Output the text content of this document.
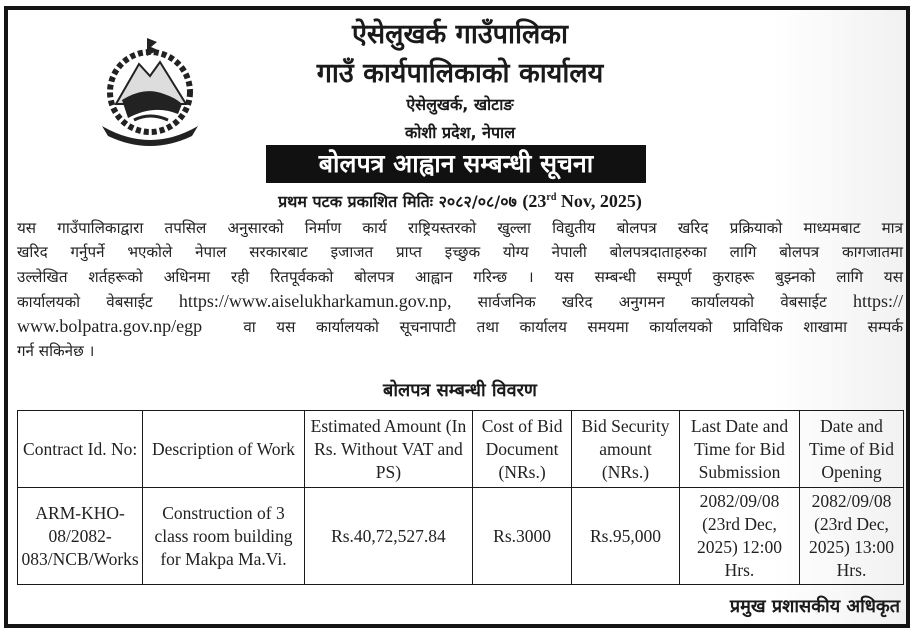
ऐसेलुखर्क गाउँपालिका
गाउँ कार्यपालिकाको कार्यालय
ऐसेलुखर्क, खोटाङ
कोशी प्रदेश, नेपाल
बोलपत्र आह्वान सम्बन्धी सूचना
प्रथम पटक प्रकाशित मितिः २०८२/०८/०७ (23rd Nov, 2025)
यस गाउँपालिकाद्वारा तपसिल अनुसारको निर्माण कार्य राष्ट्रियस्तरको खुल्ला विद्युतीय बोलपत्र खरिद प्रक्रियाको माध्यमबाट मात्र
खरिद गर्नुपर्ने भएकोले नेपाल सरकारबाट इजाजत प्राप्त इच्छुक योग्य नेपाली बोलपत्रदाताहरुका लागि बोलपत्र कागजातमा
उल्लेखित शर्तहरूको अधिनमा रही रितपूर्वकको बोलपत्र आह्वान गरिन्छ । यस सम्बन्धी सम्पूर्ण कुराहरू बुझ्नको लागि यस
कार्यालयको वेबसाईट https://www.aiselukharkamun.gov.np, सार्वजनिक खरिद अनुगमन कार्यालयको वेबसाईट https://
www.bolpatra.gov.np/egp	वा यस कार्यालयको सूचनापाटी तथा कार्यालय समयमा कार्यालयको प्राविधिक शाखामा सम्पर्क
गर्न सकिनेछ ।
बोलपत्र सम्बन्धी विवरण
Contract Id. No:	Description of Work	Estimated Amount (In Rs. Without VAT and PS)	Cost of Bid Document (NRs.)	Bid Security amount (NRs.)	Last Date and Time for Bid Submission	Date and Time of Bid Opening
ARM-KHO-08/2082-083/NCB/Works	Construction of 3 class room building for Makpa Ma.Vi.	Rs.40,72,527.84	Rs.3000	Rs.95,000	2082/09/08 (23rd Dec, 2025) 12:00 Hrs.	2082/09/08 (23rd Dec, 2025) 13:00 Hrs.
प्रमुख प्रशासकीय अधिकृत
